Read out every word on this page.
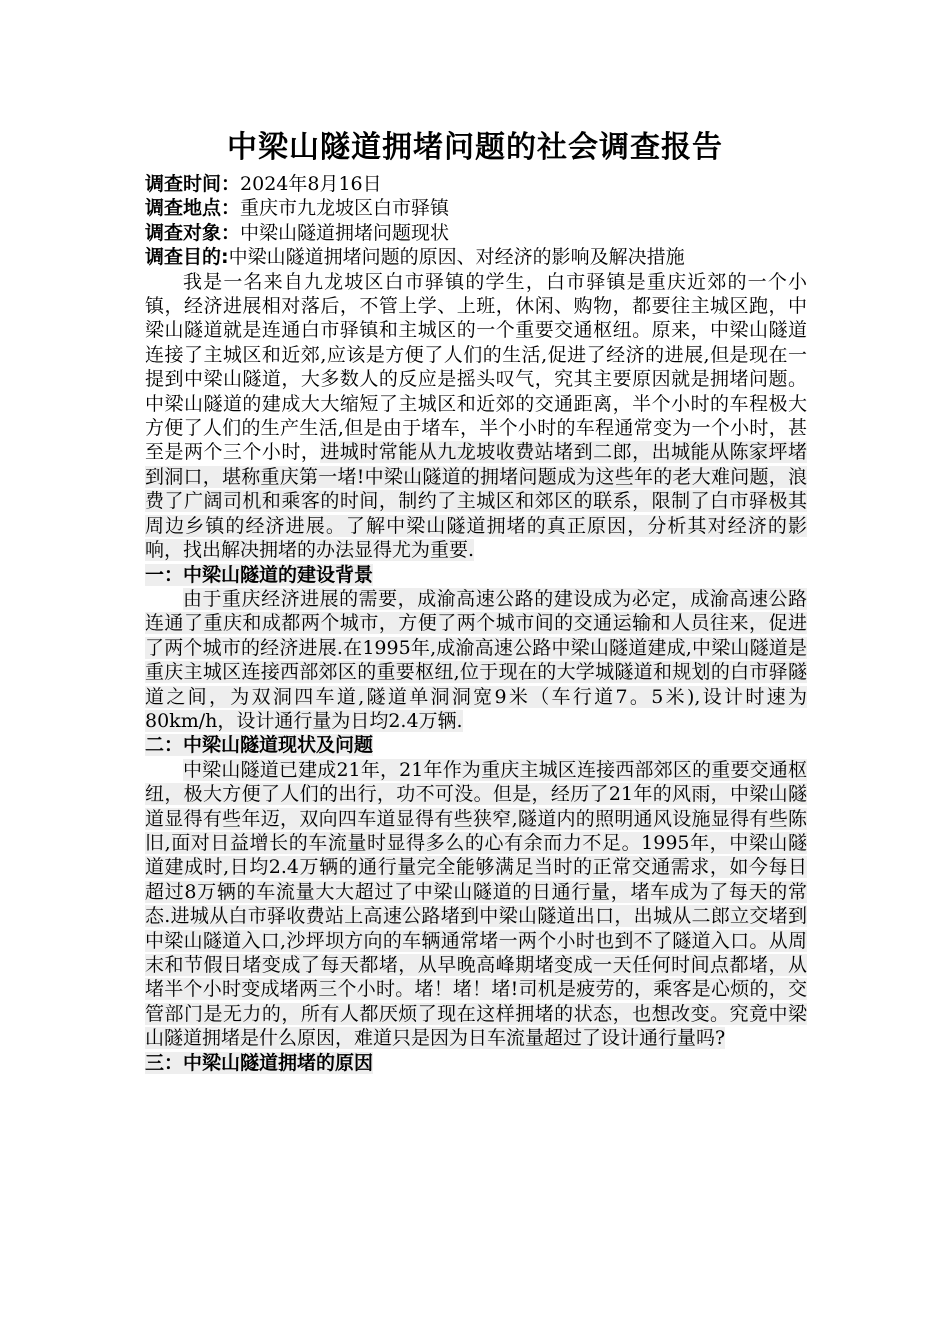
中梁山隧道拥堵问题的社会调查报告
调查时间：2024年8月16日
调查地点：重庆市九龙坡区白市驿镇
调查对象：中梁山隧道拥堵问题现状
调查目的:中梁山隧道拥堵问题的原因、对经济的影响及解决措施

我是一名来自九龙坡区白市驿镇的学生，白市驿镇是重庆近郊的一个小镇，经济进展相对落后，不管上学、上班，休闲、购物，都要往主城区跑，中梁山隧道就是连通白市驿镇和主城区的一个重要交通枢纽。原来，中梁山隧道连接了主城区和近郊,应该是方便了人们的生活,促进了经济的进展,但是现在一提到中梁山隧道，大多数人的反应是摇头叹气，究其主要原因就是拥堵问题。中梁山隧道的建成大大缩短了主城区和近郊的交通距离，半个小时的车程极大方便了人们的生产生活,但是由于堵车，半个小时的车程通常变为一个小时，甚至是两个三个小时，进城时常能从九龙坡收费站堵到二郎，出城能从陈家坪堵到洞口，堪称重庆第一堵!中梁山隧道的拥堵问题成为这些年的老大难问题，浪费了广阔司机和乘客的时间，制约了主城区和郊区的联系，限制了白市驿极其周边乡镇的经济进展。了解中梁山隧道拥堵的真正原因，分析其对经济的影响，找出解决拥堵的办法显得尤为重要.

一：中梁山隧道的建设背景

由于重庆经济进展的需要，成渝高速公路的建设成为必定，成渝高速公路连通了重庆和成都两个城市，方便了两个城市间的交通运输和人员往来，促进了两个城市的经济进展.在1995年,成渝高速公路中梁山隧道建成,中梁山隧道是重庆主城区连接西部郊区的重要枢纽,位于现在的大学城隧道和规划的白市驿隧道之间，为双洞四车道,隧道单洞洞宽9米（车行道7。5米),设计时速为80km/h，设计通行量为日均2.4万辆.

二：中梁山隧道现状及问题

中梁山隧道已建成21年，21年作为重庆主城区连接西部郊区的重要交通枢纽，极大方便了人们的出行，功不可没。但是，经历了21年的风雨，中梁山隧道显得有些年迈，双向四车道显得有些狭窄,隧道内的照明通风设施显得有些陈旧,面对日益增长的车流量时显得多么的心有余而力不足。1995年，中梁山隧道建成时,日均2.4万辆的通行量完全能够满足当时的正常交通需求，如今每日超过8万辆的车流量大大超过了中梁山隧道的日通行量，堵车成为了每天的常态.进城从白市驿收费站上高速公路堵到中梁山隧道出口，出城从二郎立交堵到中梁山隧道入口,沙坪坝方向的车辆通常堵一两个小时也到不了隧道入口。从周末和节假日堵变成了每天都堵，从早晚高峰期堵变成一天任何时间点都堵，从堵半个小时变成堵两三个小时。堵！堵！堵!司机是疲劳的，乘客是心烦的，交管部门是无力的，所有人都厌烦了现在这样拥堵的状态，也想改变。究竟中梁山隧道拥堵是什么原因，难道只是因为日车流量超过了设计通行量吗?

三：中梁山隧道拥堵的原因
